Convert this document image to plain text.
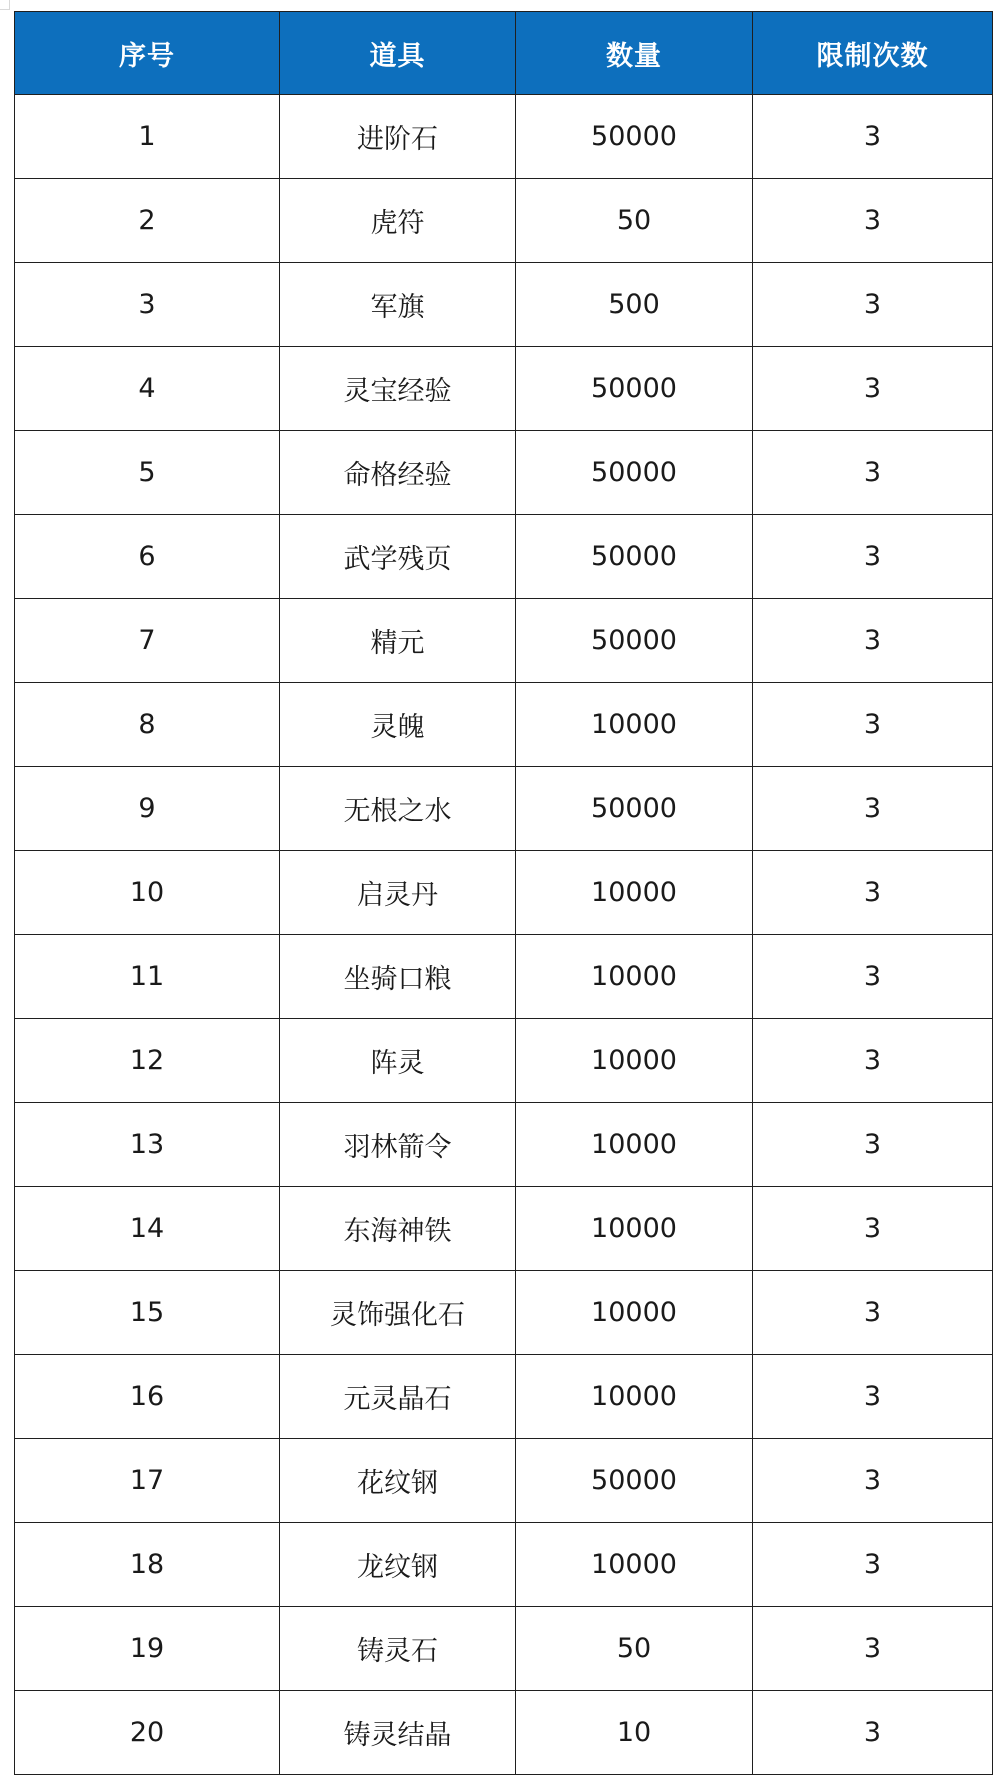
序号	道具	数量	限制次数
1	进阶石	50000	3
2	虎符	50	3
3	军旗	500	3
4	灵宝经验	50000	3
5	命格经验	50000	3
6	武学残页	50000	3
7	精元	50000	3
8	灵魄	10000	3
9	无根之水	50000	3
10	启灵丹	10000	3
11	坐骑口粮	10000	3
12	阵灵	10000	3
13	羽林箭令	10000	3
14	东海神铁	10000	3
15	灵饰强化石	10000	3
16	元灵晶石	10000	3
17	花纹钢	50000	3
18	龙纹钢	10000	3
19	铸灵石	50	3
20	铸灵结晶	10	3
